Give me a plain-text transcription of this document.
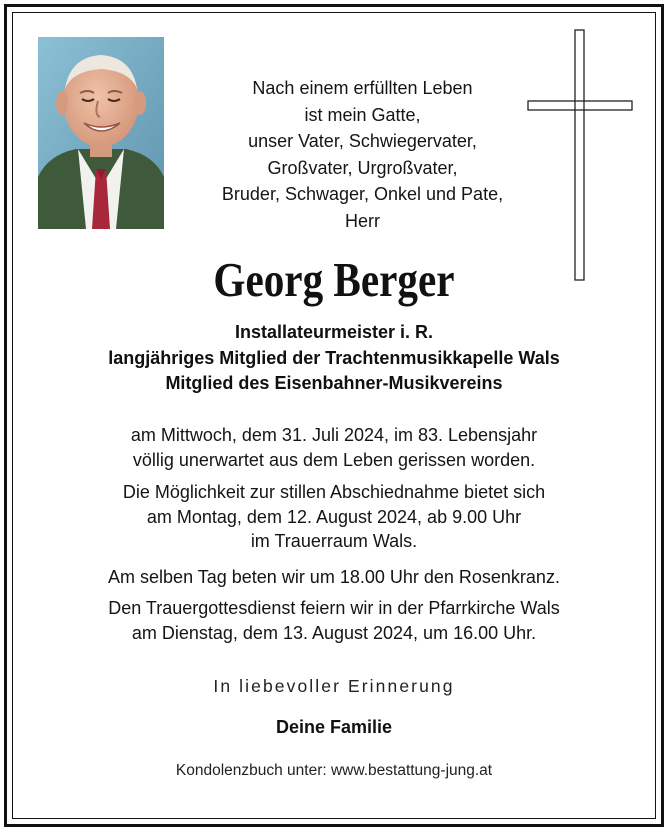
Nach einem erfüllten Leben
ist mein Gatte,
unser Vater, Schwiegervater,
Großvater, Urgroßvater,
Bruder, Schwager, Onkel und Pate,
Herr
Georg Berger
Installateurmeister i. R.
langjähriges Mitglied der Trachtenmusikkapelle Wals
Mitglied des Eisenbahner-Musikvereins
am Mittwoch, dem 31. Juli 2024, im 83. Lebensjahr
völlig unerwartet aus dem Leben gerissen worden.
Die Möglichkeit zur stillen Abschiednahme bietet sich
am Montag, dem 12. August 2024, ab 9.00 Uhr
im Trauerraum Wals.
Am selben Tag beten wir um 18.00 Uhr den Rosenkranz.
Den Trauergottesdienst feiern wir in der Pfarrkirche Wals
am Dienstag, dem 13. August 2024, um 16.00 Uhr.
In liebevoller Erinnerung
Deine Familie
Kondolenzbuch unter: www.bestattung-jung.at
